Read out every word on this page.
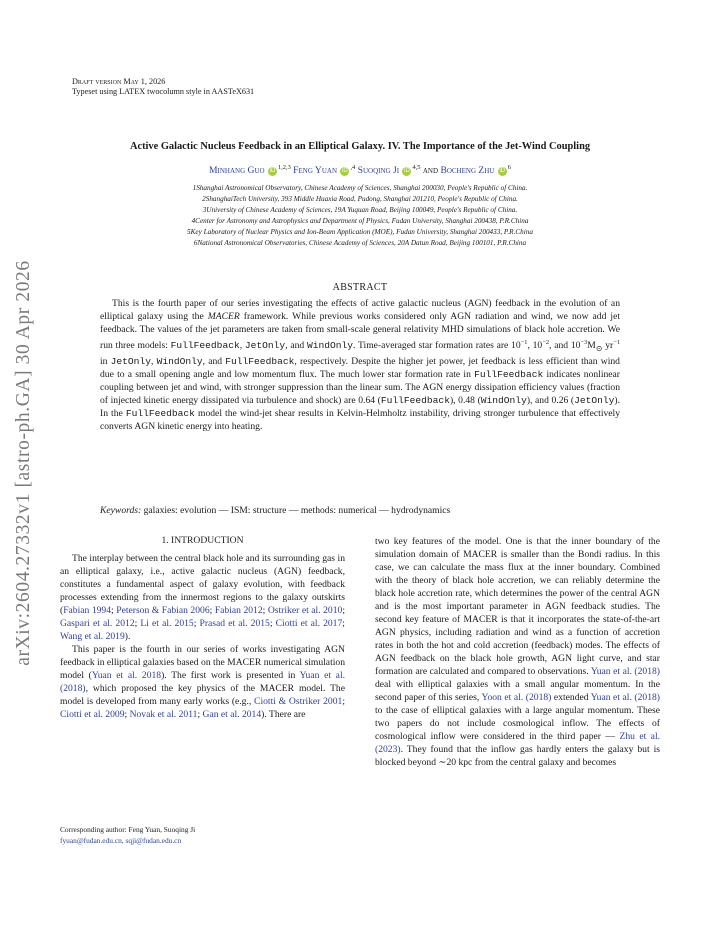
arXiv:2604.27332v1 [astro-ph.GA] 30 Apr 2026
Draft version May 1, 2026
Typeset using LATEX twocolumn style in AASTeX631
Active Galactic Nucleus Feedback in an Elliptical Galaxy. IV. The Importance of the Jet-Wind Coupling
Minhang Guo iD$^{1,2,3}$ Feng Yuan $iD^{,4}$ Suoqing Ji iD$^{4,5}$ and Bocheng Zhu $iD^6$
1Shanghai Astronomical Observatory, Chinese Academy of Sciences, Shanghai 200030, People's Republic of China.
2ShanghaiTech University, 393 Middle Huaxia Road, Pudong, Shanghai 201210, People's Republic of China.
3University of Chinese Academy of Sciences, 19A Yuquan Road, Beijing 100049, People's Republic of China.
4Center for Astronomy and Astrophysics and Department of Physics, Fudan University, Shanghai 200438, P.R.China
5Key Laboratory of Nuclear Physics and Ion-Beam Application (MOE), Fudan University, Shanghai 200433, P.R.China
6National Astronomical Observatories, Chinese Academy of Sciences, 20A Datun Road, Beijing 100101, P.R.China
ABSTRACT
This is the fourth paper of our series investigating the effects of active galactic nucleus (AGN) feedback in the evolution of an elliptical galaxy using the MACER framework. While previous works considered only AGN radiation and wind, we now add jet feedback. The values of the jet parameters are taken from small-scale general relativity MHD simulations of black hole accretion. We run three models: FullFeedback, JetOnly, and WindOnly. Time-averaged star formation rates are $10^{-1}$, $10^{-2}$, and $10^{-3}M_⊙$ $yr^{-1}$ in JetOnly, WindOnly, and FullFeedback, respectively. Despite the higher jet power, jet feedback is less efficient than wind due to a small opening angle and low momentum flux. The much lower star formation rate in FullFeedback indicates nonlinear coupling between jet and wind, with stronger suppression than the linear sum. The AGN energy dissipation efficiency values (fraction of injected kinetic energy dissipated via turbulence and shock) are 0.64 (FullFeedback), 0.48 (WindOnly), and 0.26 (JetOnly). In the FullFeedback model the wind-jet shear results in Kelvin-Helmholtz instability, driving stronger turbulence that effectively converts AGN kinetic energy into heating.
Keywords: galaxies: evolution — ISM: structure — methods: numerical — hydrodynamics
1. INTRODUCTION

The interplay between the central black hole and its surrounding gas in an elliptical galaxy, i.e., active galactic nucleus (AGN) feedback, constitutes a fundamental aspect of galaxy evolution, with feedback processes extending from the innermost regions to the galaxy outskirts (Fabian 1994; Peterson & Fabian 2006; Fabian 2012; Ostriker et al. 2010; Gaspari et al. 2012; Li et al. 2015; Prasad et al. 2015; Ciotti et al. 2017; Wang et al. 2019).

This paper is the fourth in our series of works investigating AGN feedback in elliptical galaxies based on the MACER numerical simulation model (Yuan et al. 2018). The first work is presented in Yuan et al. (2018), which proposed the key physics of the MACER model. The model is developed from many early works (e.g., Ciotti & Ostriker 2001; Ciotti et al. 2009; Novak et al. 2011; Gan et al. 2014). There are

two key features of the model. One is that the inner boundary of the simulation domain of MACER is smaller than the Bondi radius. In this case, we can calculate the mass flux at the inner boundary. Combined with the theory of black hole accretion, we can reliably determine the black hole accretion rate, which determines the power of the central AGN and is the most important parameter in AGN feedback studies. The second key feature of MACER is that it incorporates the state-of-the-art AGN physics, including radiation and wind as a function of accretion rates in both the hot and cold accretion (feedback) modes. The effects of AGN feedback on the black hole growth, AGN light curve, and star formation are calculated and compared to observations. Yuan et al. (2018) deal with elliptical galaxies with a small angular momentum. In the second paper of this series, Yoon et al. (2018) extended Yuan et al. (2018) to the case of elliptical galaxies with a large angular momentum. These two papers do not include cosmological inflow. The effects of cosmological inflow were considered in the third paper — Zhu et al. (2023). They found that the inflow gas hardly enters the galaxy but is blocked beyond ∼20 kpc from the central galaxy and becomes

Corresponding author: Feng Yuan, Suoqing Ji
fyuan@fudan.edu.cn, sqji@fudan.edu.cn
